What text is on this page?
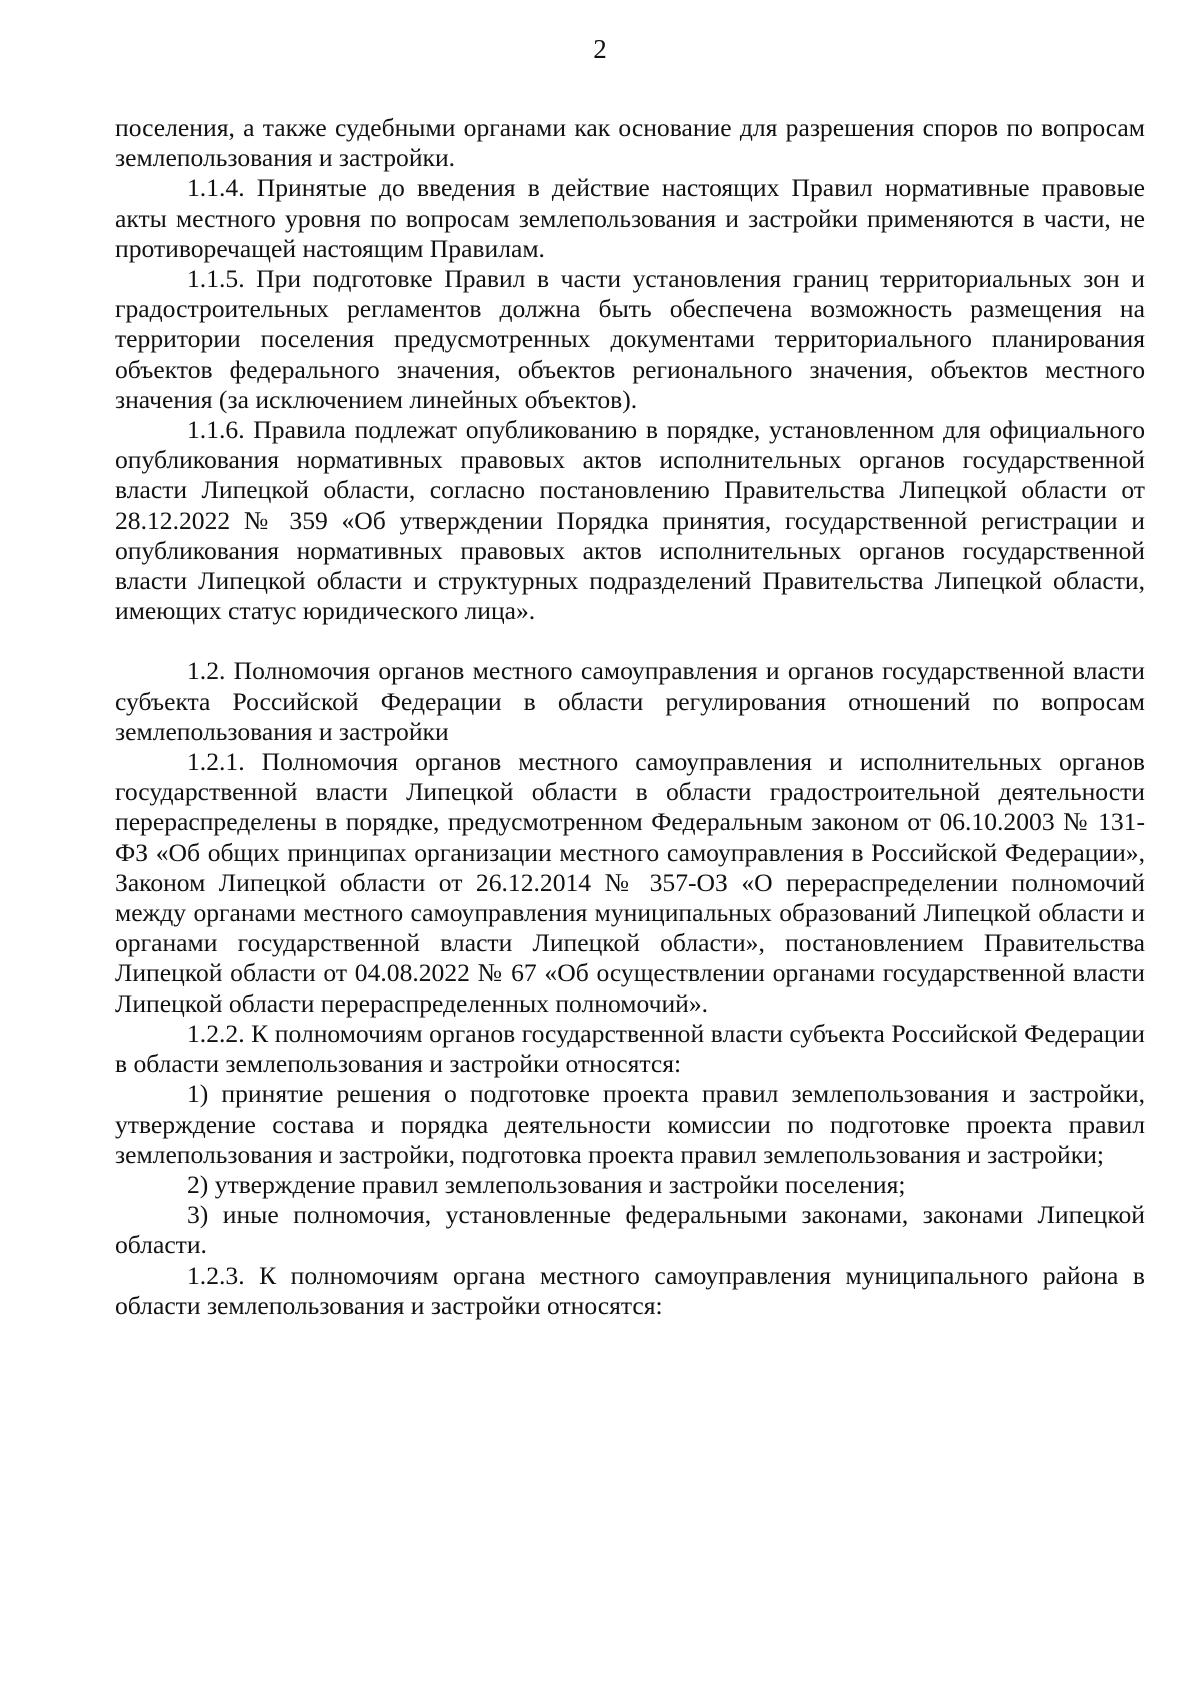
2

поселения, а также судебными органами как основание для разрешения споров по вопросам землепользования и застройки.

1.1.4. Принятые до введения в действие настоящих Правил нормативные правовые акты местного уровня по вопросам землепользования и застройки применяются в части, не противоречащей настоящим Правилам.

1.1.5. При подготовке Правил в части установления границ территориальных зон и градостроительных регламентов должна быть обеспечена возможность размещения на территории поселения предусмотренных документами территориального планирования объектов федерального значения, объектов регионального значения, объектов местного значения (за исключением линейных объектов).

1.1.6. Правила подлежат опубликованию в порядке, установленном для официального опубликования нормативных правовых актов исполнительных органов государственной власти Липецкой области, согласно постановлению Правительства Липецкой области от 28.12.2022 № 359 «Об утверждении Порядка принятия, государственной регистрации и опубликования нормативных правовых актов исполнительных органов государственной власти Липецкой области и структурных подразделений Правительства Липецкой области, имеющих статус юридического лица».

1.2. Полномочия органов местного самоуправления и органов государственной власти субъекта Российской Федерации в области регулирования отношений по вопросам землепользования и застройки

1.2.1. Полномочия органов местного самоуправления и исполнительных органов государственной власти Липецкой области в области градостроительной деятельности перераспределены в порядке, предусмотренном Федеральным законом от 06.10.2003 № 131-ФЗ «Об общих принципах организации местного самоуправления в Российской Федерации», Законом Липецкой области от 26.12.2014 № 357-ОЗ «О перераспределении полномочий между органами местного самоуправления муниципальных образований Липецкой области и органами государственной власти Липецкой области», постановлением Правительства Липецкой области от 04.08.2022 № 67 «Об осуществлении органами государственной власти Липецкой области перераспределенных полномочий».

1.2.2. К полномочиям органов государственной власти субъекта Российской Федерации в области землепользования и застройки относятся:

1) принятие решения о подготовке проекта правил землепользования и застройки, утверждение состава и порядка деятельности комиссии по подготовке проекта правил землепользования и застройки, подготовка проекта правил землепользования и застройки;

2) утверждение правил землепользования и застройки поселения;

3) иные полномочия, установленные федеральными законами, законами Липецкой области.

1.2.3. К полномочиям органа местного самоуправления муниципального района в области землепользования и застройки относятся:
